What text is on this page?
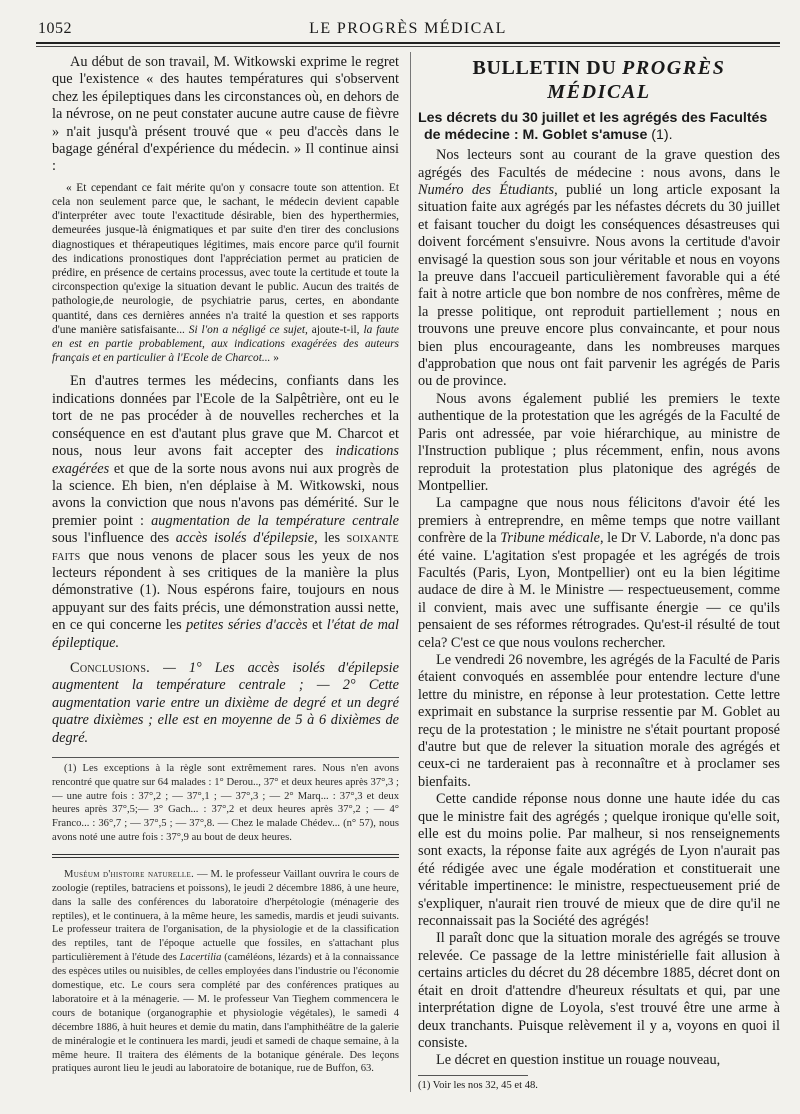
1052	LE PROGRÈS MÉDICAL

Au début de son travail, M. Witkowski exprime le regret que l'existence « des hautes températures qui s'observent chez les épileptiques dans les circonstances où, en dehors de la névrose, on ne peut constater aucune autre cause de fièvre » n'ait jusqu'à présent trouvé que « peu d'accès dans le bagage général d'expérience du médecin. » Il continue ainsi :

« Et cependant ce fait mérite qu'on y consacre toute son attention. Et cela non seulement parce que, le sachant, le médecin devient capable d'interpréter avec toute l'exactitude désirable, bien des hyperthermies, demeurées jusque-là énigmatiques et par suite d'en tirer des conclusions diagnostiques et thérapeutiques légitimes, mais encore parce qu'il fournit des indications pronostiques dont l'appréciation permet au praticien de prédire, en présence de certains processus, avec toute la certitude et toute la circonspection qu'exige la situation devant le public. Aucun des traités de pathologie,de neurologie, de psychiatrie parus, certes, en abondante quantité, dans ces dernières années n'a traité la question et ses rapports d'une manière satisfaisante... Si l'on a négligé ce sujet, ajoute-t-il, la faute en est en partie probablement, aux indications exagérées des auteurs français et en particulier à l'Ecole de Charcot... »

En d'autres termes les médecins, confiants dans les indications données par l'Ecole de la Salpêtrière, ont eu le tort de ne pas procéder à de nouvelles recherches et la conséquence en est d'autant plus grave que M. Charcot et nous, nous leur avons fait accepter des indications exagérées et que de la sorte nous avons nui aux progrès de la science. Eh bien, n'en déplaise à M. Witkowski, nous avons la conviction que nous n'avons pas démérité. Sur le premier point : augmentation de la température centrale sous l'influence des accès isolés d'épilepsie, les soixante faits que nous venons de placer sous les yeux de nos lecteurs répondent à ses critiques de la manière la plus démonstrative (1). Nous espérons faire, toujours en nous appuyant sur des faits précis, une démonstration aussi nette, en ce qui concerne les petites séries d'accès et l'état de mal épileptique.

Conclusions. — 1° Les accès isolés d'épilepsie augmentent la température centrale ; — 2° Cette augmentation varie entre un dixième de degré et un degré quatre dixièmes ; elle est en moyenne de 5 à 6 dixièmes de degré.

(1) Les exceptions à la règle sont extrêmement rares. Nous n'en avons rencontré que quatre sur 64 malades : 1° Derou.., 37° et deux heures après 37°,3 ; — une autre fois : 37°,2 ; — 37°,1 ; — 37°,3 ; — 2° Marq... : 37°,3 et deux heures après 37°,5;— 3° Gach... : 37°,2 et deux heures après 37°,2 ; — 4° Franco... : 36°,7 ; — 37°,5 ; — 37°,8. — Chez le malade Chédev... (n° 57), nous avons noté une autre fois : 37°,9 au bout de deux heures.

Muséum d'histoire naturelle. — M. le professeur Vaillant ouvrira le cours de zoologie (reptiles, batraciens et poissons), le jeudi 2 décembre 1886, à une heure, dans la salle des conférences du laboratoire d'herpétologie (ménagerie des reptiles), et le continuera, à la même heure, les samedis, mardis et jeudi suivants. Le professeur traitera de l'organisation, de la physiologie et de la classification des reptiles, tant de l'époque actuelle que fossiles, en s'attachant plus particulièrement à l'étude des Lacertilia (caméléons, lézards) et à la connaissance des espèces utiles ou nuisibles, de celles employées dans l'industrie ou l'économie domestique, etc. Le cours sera complété par des conférences pratiques au laboratoire et à la ménagerie. — M. le professeur Van Tieghem commencera le cours de botanique (organographie et physiologie végétales), le samedi 4 décembre 1886, à huit heures et demie du matin, dans l'amphithéâtre de la galerie de minéralogie et le continuera les mardi, jeudi et samedi de chaque semaine, à la même heure. Il traitera des éléments de la botanique générale. Des leçons pratiques auront lieu le jeudi au laboratoire de botanique, rue de Buffon, 63.

BULLETIN DU PROGRÈS MÉDICAL
Les décrets du 30 juillet et les agrégés des Facultés de médecine : M. Goblet s'amuse (1).

Nos lecteurs sont au courant de la grave question des agrégés des Facultés de médecine : nous avons, dans le Numéro des Étudiants, publié un long article exposant la situation faite aux agrégés par les néfastes décrets du 30 juillet et faisant toucher du doigt les conséquences désastreuses qui doivent forcément s'ensuivre. Nous avons la certitude d'avoir envisagé la question sous son jour véritable et nous en voyons la preuve dans l'accueil particulièrement favorable qui a été fait à notre article que bon nombre de nos confrères, même de la presse politique, ont reproduit partiellement ; nous en trouvons une preuve encore plus convaincante, et pour nous bien plus encourageante, dans les nombreuses marques d'approbation que nous ont fait parvenir les agrégés de Paris ou de province.

Nous avons également publié les premiers le texte authentique de la protestation que les agrégés de la Faculté de Paris ont adressée, par voie hiérarchique, au ministre de l'Instruction publique ; plus récemment, enfin, nous avons reproduit la protestation plus platonique des agrégés de Montpellier.

La campagne que nous nous félicitons d'avoir été les premiers à entreprendre, en même temps que notre vaillant confrère de la Tribune médicale, le Dr V. Laborde, n'a donc pas été vaine. L'agitation s'est propagée et les agrégés de trois Facultés (Paris, Lyon, Montpellier) ont eu la bien légitime audace de dire à M. le Ministre — respectueusement, comme il convient, mais avec une suffisante énergie — ce qu'ils pensaient de ses réformes rétrogrades. Qu'est-il résulté de tout cela? C'est ce que nous voulons rechercher.

Le vendredi 26 novembre, les agrégés de la Faculté de Paris étaient convoqués en assemblée pour entendre lecture d'une lettre du ministre, en réponse à leur protestation. Cette lettre exprimait en substance la surprise ressentie par M. Goblet au reçu de la protestation ; le ministre ne s'était pourtant proposé d'autre but que de relever la situation morale des agrégés et ceux-ci ne tarderaient pas à reconnaître et à proclamer ses bienfaits.

Cette candide réponse nous donne une haute idée du cas que le ministre fait des agrégés ; quelque ironique qu'elle soit, elle est du moins polie. Par malheur, si nos renseignements sont exacts, la réponse faite aux agrégés de Lyon n'aurait pas été rédigée avec une égale modération et constituerait une véritable impertinence: le ministre, respectueusement prié de s'expliquer, n'aurait rien trouvé de mieux que de dire qu'il ne reconnaissait pas la Société des agrégés!

Il paraît donc que la situation morale des agrégés se trouve relevée. Ce passage de la lettre ministérielle fait allusion à certains articles du décret du 28 décembre 1885, décret dont on était en droit d'attendre d'heureux résultats et qui, par une interprétation digne de Loyola, s'est trouvé être une arme à deux tranchants. Puisque relèvement il y a, voyons en quoi il consiste.

Le décret en question institue un rouage nouveau,

(1) Voir les nos 32, 45 et 48.
